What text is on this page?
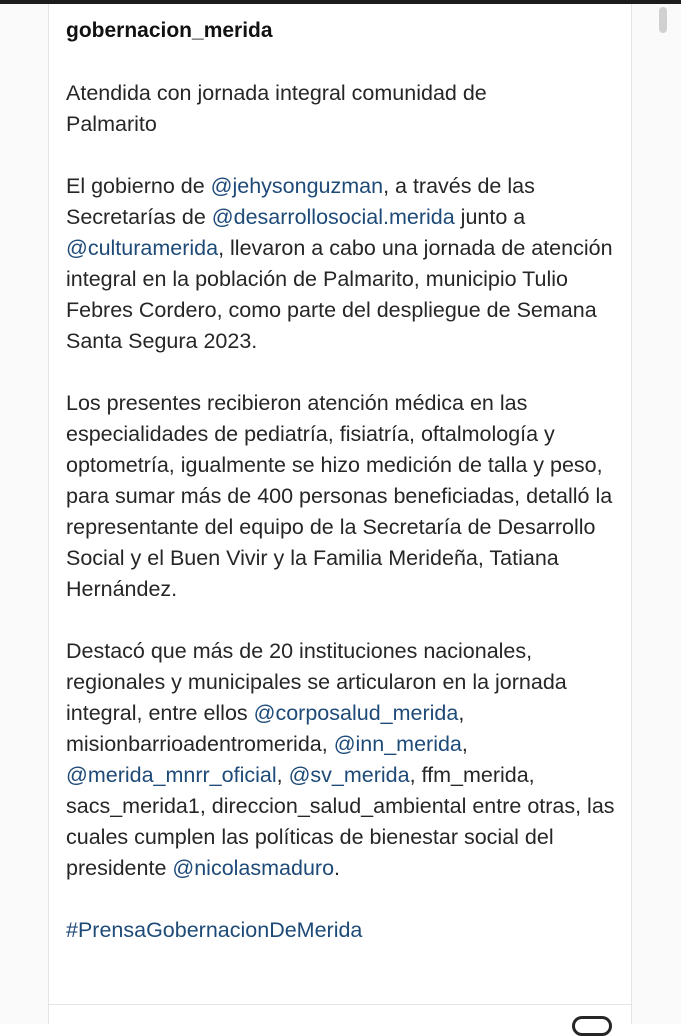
gobernacion_merida

Atendida con jornada integral comunidad de
Palmarito

El gobierno de @jehysonguzman, a través de las Secretarías de @desarrollosocial.merida junto a @culturamerida, llevaron a cabo una jornada de atención integral en la población de Palmarito, municipio Tulio Febres Cordero, como parte del despliegue de Semana Santa Segura 2023.

Los presentes recibieron atención médica en las especialidades de pediatría, fisiatría, oftalmología y

optometría, igualmente se hizo medición de talla y peso, para sumar más de 400 personas beneficiadas, detalló la representante del equipo de la Secretaría de Desarrollo Social y el Buen Vivir y la Familia Merideña, Tatiana Hernández.

Destacó que más de 20 instituciones nacionales, regionales y municipales se articularon en la jornada integral, entre ellos @corposalud_merida, misionbarrioadentromerida, @inn_merida, @merida_mnrr_oficial, @sv_merida, ffm_merida, sacs_merida1, direccion_salud_ambiental entre otras, las cuales cumplen las políticas de bienestar social del presidente @nicolasmaduro.

#PrensaGobernacionDeMerida
